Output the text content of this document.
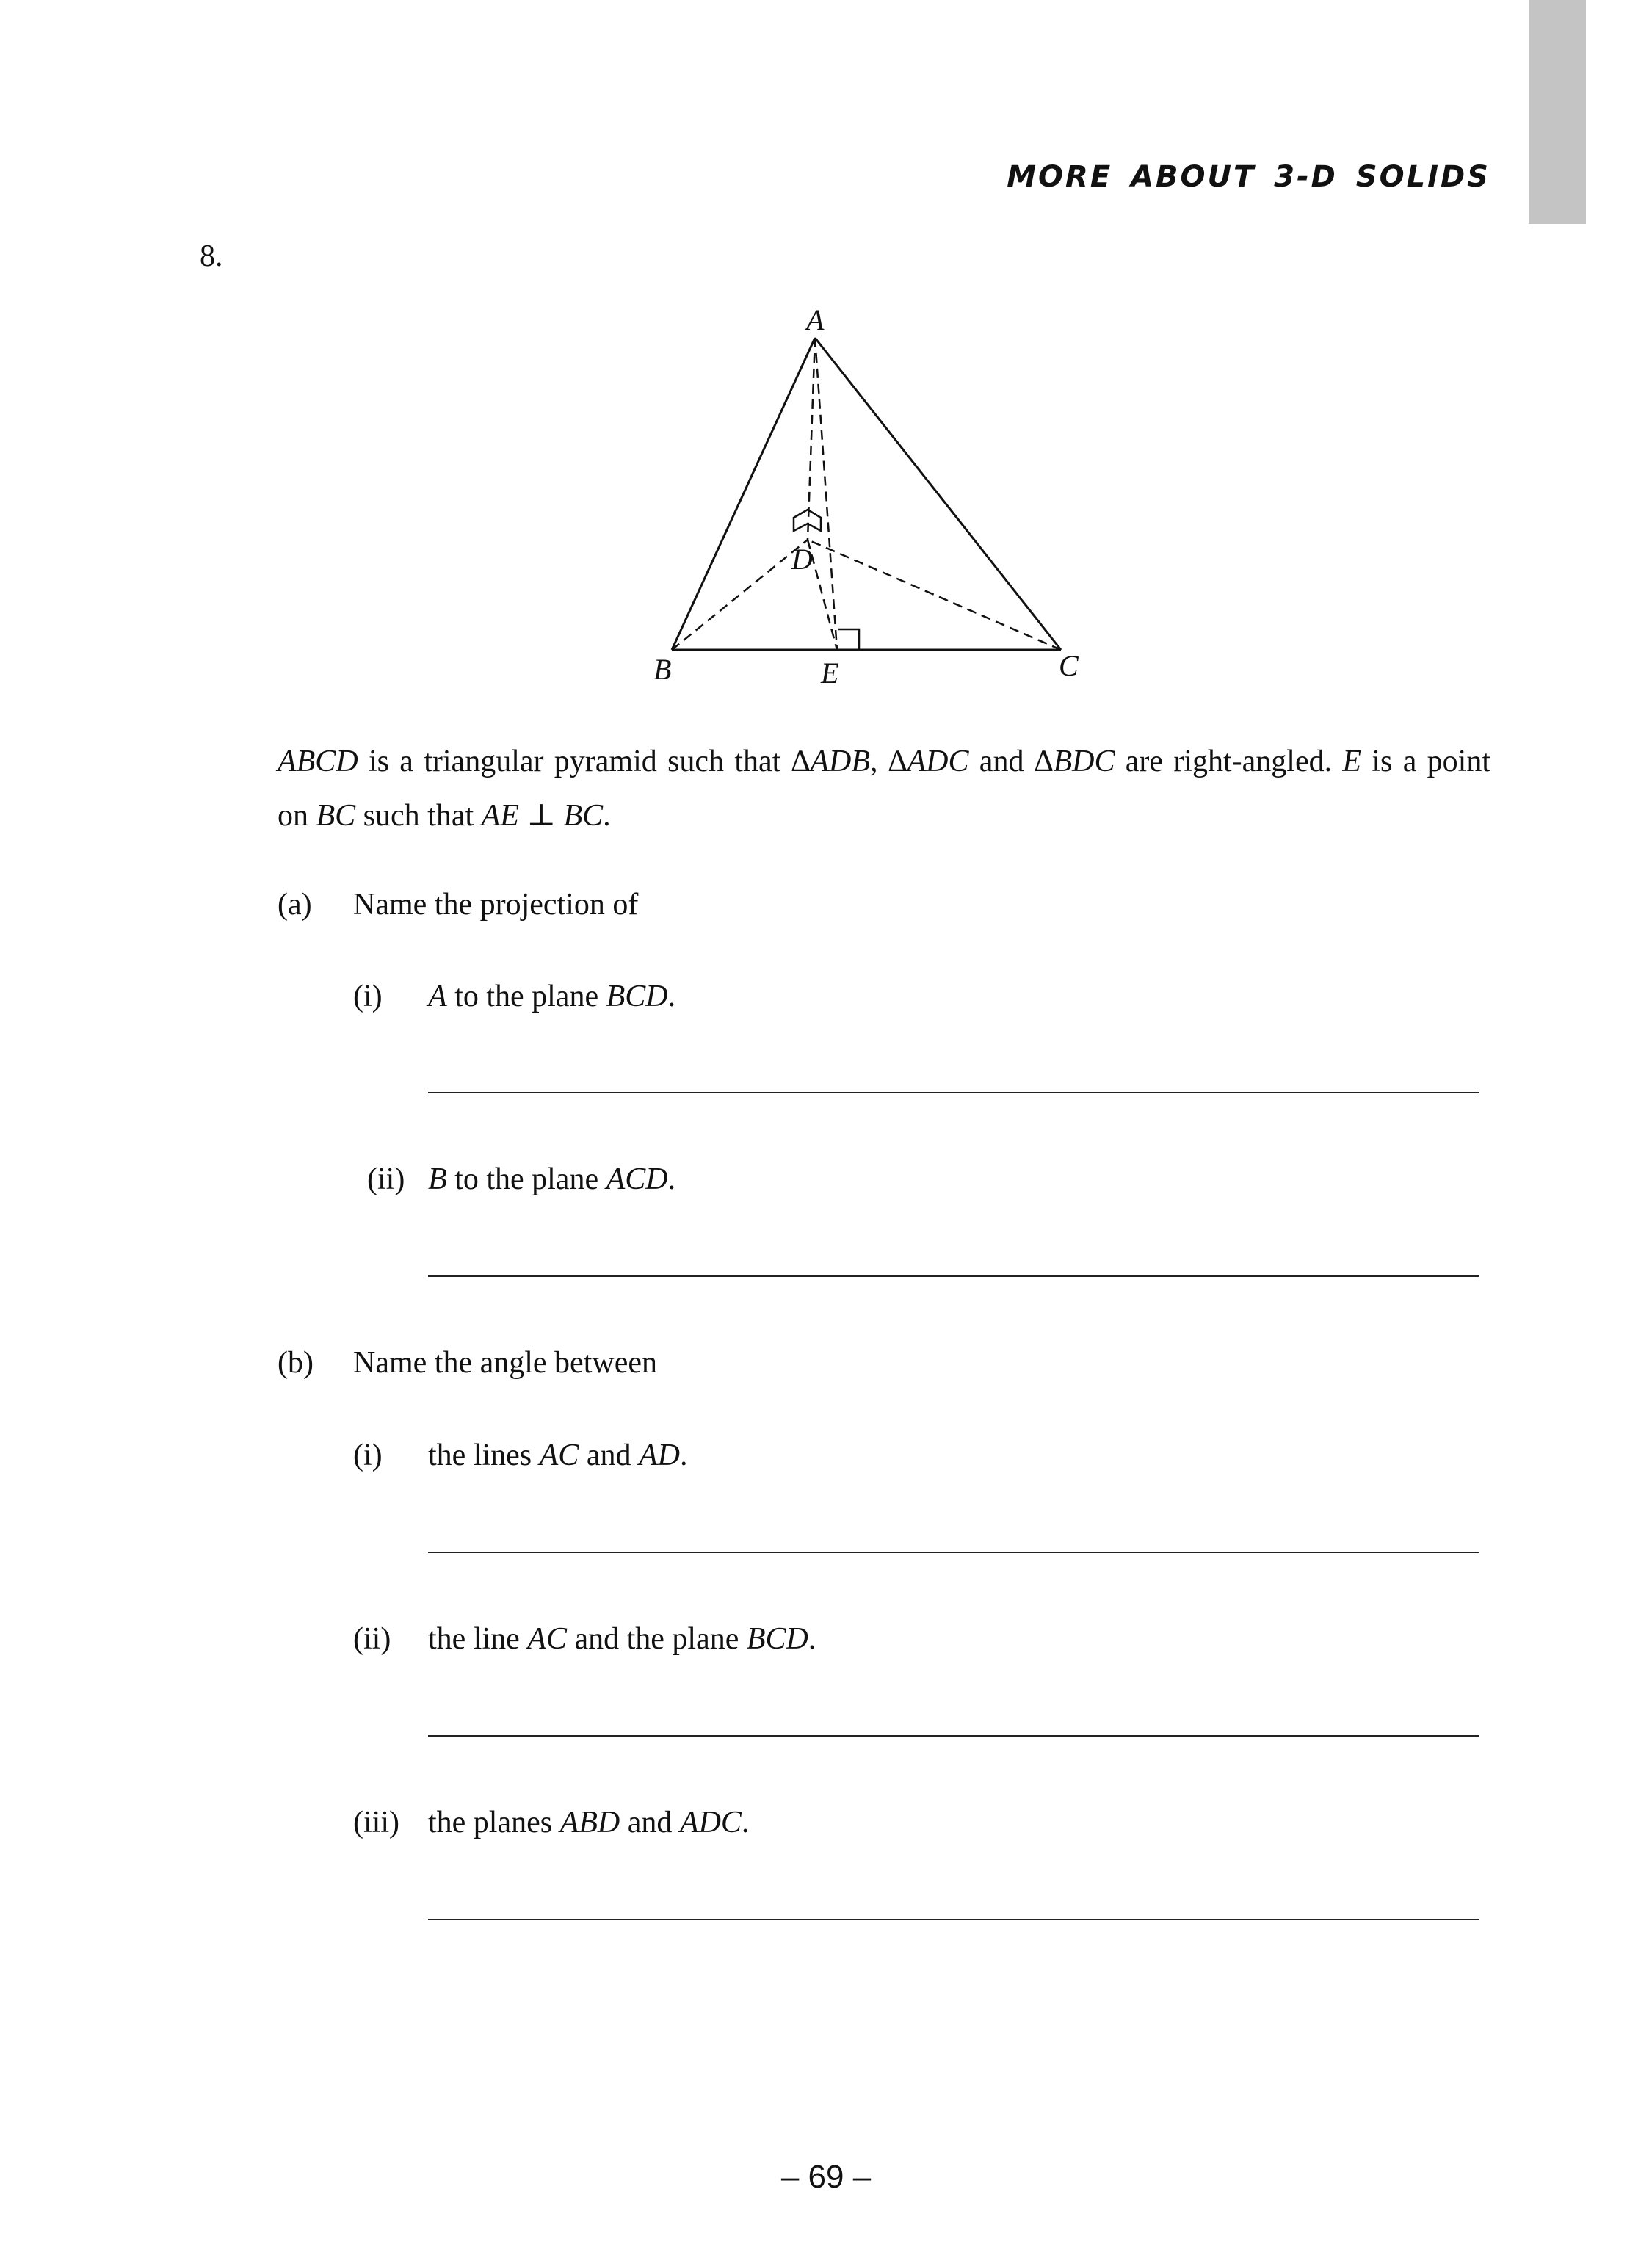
MORE ABOUT 3-D SOLIDS
8.
A
B	C
D
E
ABCD is a triangular pyramid such that ∆ADB, ∆ADC and ∆BDC are right-angled. E is a point
on BC such that AE ⊥ BC.
(a) Name the projection of
(i) A to the plane BCD.
(ii) B to the plane ACD.
(b) Name the angle between
(i) the lines AC and AD.
(ii) the line AC and the plane BCD.
(iii) the planes ABD and ADC.
– 69 –
